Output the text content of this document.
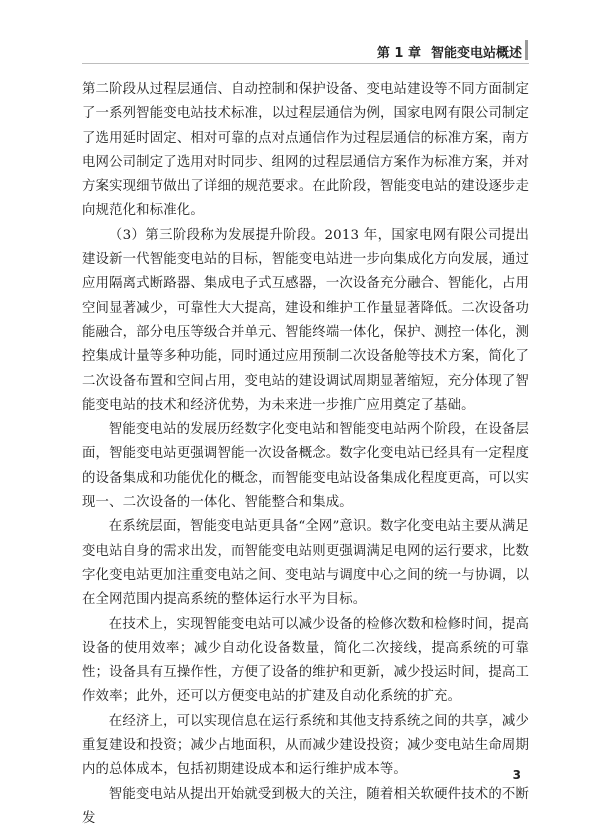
第 1 章 智能变电站概述

第二阶段从过程层通信、自动控制和保护设备、变电站建设等不同方面制定了一系列智能变电站技术标准，以过程层通信为例，国家电网有限公司制定了选用延时固定、相对可靠的点对点通信作为过程层通信的标准方案，南方电网公司制定了选用对时同步、组网的过程层通信方案作为标准方案，并对方案实现细节做出了详细的规范要求。在此阶段，智能变电站的建设逐步走向规范化和标准化。

（3）第三阶段称为发展提升阶段。2013 年，国家电网有限公司提出建设新一代智能变电站的目标，智能变电站进一步向集成化方向发展，通过应用隔离式断路器、集成电子式互感器，一次设备充分融合、智能化，占用空间显著减少，可靠性大大提高，建设和维护工作量显著降低。二次设备功能融合，部分电压等级合并单元、智能终端一体化，保护、测控一体化，测控集成计量等多种功能，同时通过应用预制二次设备舱等技术方案，简化了二次设备布置和空间占用，变电站的建设调试周期显著缩短，充分体现了智能变电站的技术和经济优势，为未来进一步推广应用奠定了基础。

智能变电站的发展历经数字化变电站和智能变电站两个阶段，在设备层面，智能变电站更强调智能一次设备概念。数字化变电站已经具有一定程度的设备集成和功能优化的概念，而智能变电站设备集成化程度更高，可以实现一、二次设备的一体化、智能整合和集成。

在系统层面，智能变电站更具备“全网”意识。数字化变电站主要从满足变电站自身的需求出发，而智能变电站则更强调满足电网的运行要求，比数字化变电站更加注重变电站之间、变电站与调度中心之间的统一与协调，以在全网范围内提高系统的整体运行水平为目标。

在技术上，实现智能变电站可以减少设备的检修次数和检修时间，提高设备的使用效率；减少自动化设备数量，简化二次接线，提高系统的可靠性；设备具有互操作性，方便了设备的维护和更新，减少投运时间，提高工作效率；此外，还可以方便变电站的扩建及自动化系统的扩充。

在经济上，可以实现信息在运行系统和其他支持系统之间的共享，减少重复建设和投资；减少占地面积，从而减少建设投资；减少变电站生命周期内的总体成本，包括初期建设成本和运行维护成本等。

智能变电站从提出开始就受到极大的关注，随着相关软硬件技术的不断发

3
